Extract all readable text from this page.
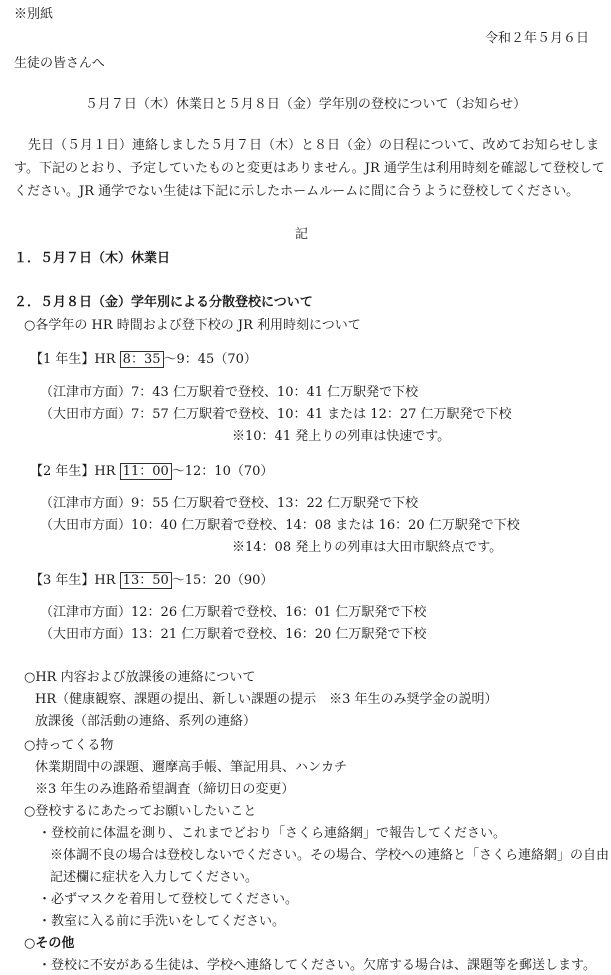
※別紙
令和２年５月６日
生徒の皆さんへ
５月７日（木）休業日と５月８日（金）学年別の登校について（お知らせ）
先日（５月１日）連絡しました５月７日（木）と８日（金）の日程について、改めてお知らせしま
す。下記のとおり、予定していたものと変更はありません。JR 通学生は利用時刻を確認して登校して
ください。JR 通学でない生徒は下記に示したホームルームに間に合うように登校してください。
記
１．５月７日（木）休業日
２．５月８日（金）学年別による分散登校について
○各学年の HR 時間および登下校の JR 利用時刻について
【1 年生】HR 8：35 ～9：45（70）
（江津市方面）7：43 仁万駅着で登校、10：41 仁万駅発で下校
（大田市方面）7：57 仁万駅着で登校、10：41 または 12：27 仁万駅発で下校
※10：41 発上りの列車は快速です。
【2 年生】HR 11：00 ～12：10（70）
（江津市方面）9：55 仁万駅着で登校、13：22 仁万駅発で下校
（大田市方面）10：40 仁万駅着で登校、14：08 または 16：20 仁万駅発で下校
※14：08 発上りの列車は大田市駅終点です。
【3 年生】HR 13：50 ～15：20（90）
（江津市方面）12：26 仁万駅着で登校、16：01 仁万駅発で下校
（大田市方面）13：21 仁万駅着で登校、16：20 仁万駅発で下校
○HR 内容および放課後の連絡について
HR（健康観察、課題の提出、新しい課題の提示　※3 年生のみ奨学金の説明）
放課後（部活動の連絡、系列の連絡）
○持ってくる物
休業期間中の課題、邇摩高手帳、筆記用具、ハンカチ
※3 年生のみ進路希望調査（締切日の変更）
○登校するにあたってお願いしたいこと
・登校前に体温を測り、これまでどおり「さくら連絡網」で報告してください。
※体調不良の場合は登校しないでください。その場合、学校への連絡と「さくら連絡網」の自由
記述欄に症状を入力してください。
・必ずマスクを着用して登校してください。
・教室に入る前に手洗いをしてください。
○その他
・登校に不安がある生徒は、学校へ連絡してください。欠席する場合は、課題等を郵送します。
